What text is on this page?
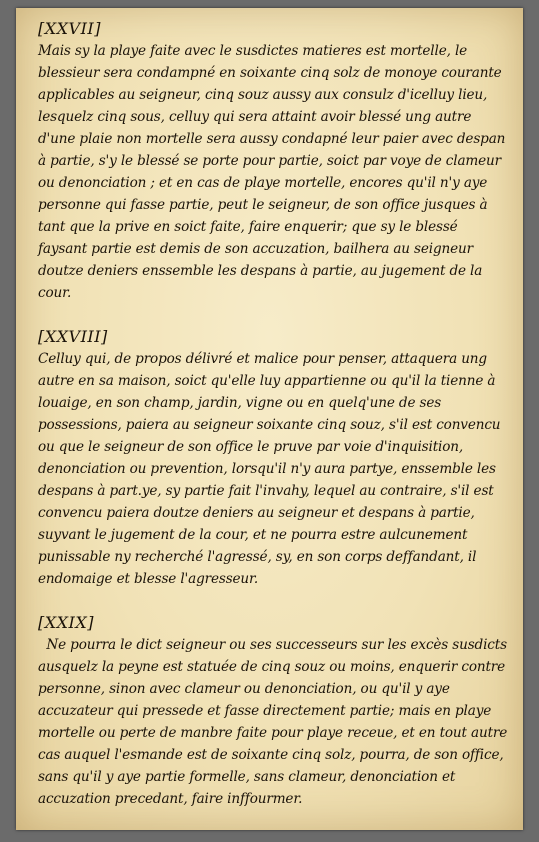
[XXVII]
Mais sy la playe faite avec le susdictes matieres est mortelle, le
blessieur sera condampné en soixante cinq solz de monoye courante
applicables au seigneur, cinq souz aussy aux consulz d'icelluy lieu,
lesquelz cinq sous, celluy qui sera attaint avoir blessé ung autre
d'une plaie non mortelle sera aussy condapné leur paier avec despan
à partie, s'y le blessé se porte pour partie, soict par voye de clameur
ou denonciation ; et en cas de playe mortelle, encores qu'il n'y aye
personne qui fasse partie, peut le seigneur, de son office jusques à
tant que la prive en soict faite, faire enquerir; que sy le blessé
faysant partie est demis de son accuzation, bailhera au seigneur
doutze deniers enssemble les despans à partie, au jugement de la
cour.
[XXVIII]
Celluy qui, de propos délivré et malice pour penser, attaquera ung
autre en sa maison, soict qu'elle luy appartienne ou qu'il la tienne à
louaige, en son champ, jardin, vigne ou en quelq'une de ses
possessions, paiera au seigneur soixante cinq souz, s'il est convencu
ou que le seigneur de son office le pruve par voie d'inquisition,
denonciation ou prevention, lorsqu'il n'y aura partye, enssemble les
despans à part.ye, sy partie fait l'invahy, lequel au contraire, s'il est
convencu paiera doutze deniers au seigneur et despans à partie,
suyvant le jugement de la cour, et ne pourra estre aulcunement
punissable ny recherché l'agressé, sy, en son corps deffandant, il
endomaige et blesse l'agresseur.
[XXIX]
Ne pourra le dict seigneur ou ses successeurs sur les excès susdicts
ausquelz la peyne est statuée de cinq souz ou moins, enquerir contre
personne, sinon avec clameur ou denonciation, ou qu'il y aye
accuzateur qui pressede et fasse directement partie; mais en playe
mortelle ou perte de manbre faite pour playe receue, et en tout autre
cas auquel l'esmande est de soixante cinq solz, pourra, de son office,
sans qu'il y aye partie formelle, sans clameur, denonciation et
accuzation precedant, faire inffourmer.
